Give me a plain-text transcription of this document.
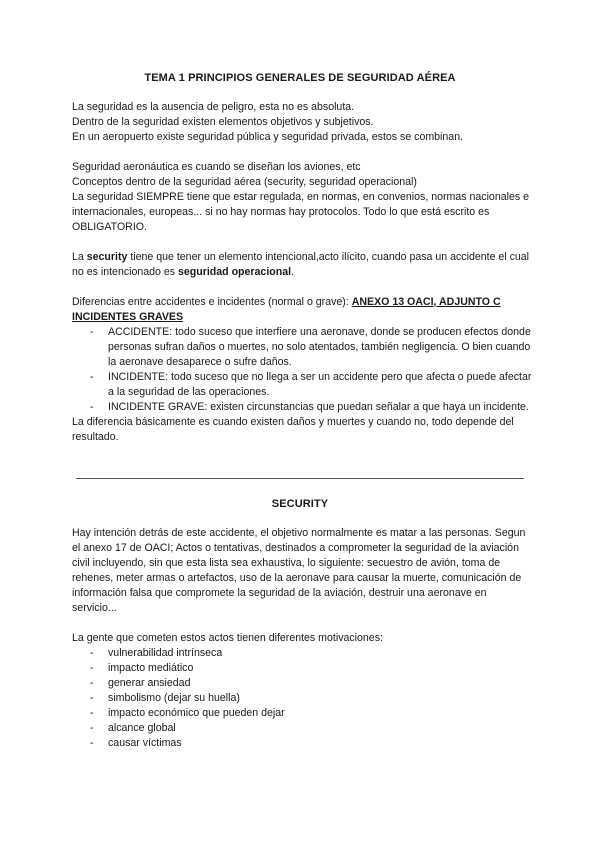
TEMA 1 PRINCIPIOS GENERALES DE SEGURIDAD AÉREA

La seguridad es la ausencia de peligro, esta no es absoluta.

Dentro de la seguridad existen elementos objetivos y subjetivos.

En un aeropuerto existe seguridad pública y seguridad privada, estos se combinan.

Seguridad aeronáutica es cuando se diseñan los aviones, etc

Conceptos dentro de la seguridad aérea (security, seguridad operacional)

La seguridad SIEMPRE tiene que estar regulada, en normas, en convenios, normas nacionales e internacionales, europeas... si no hay normas hay protocolos. Todo lo que está escrito es OBLIGATORIO.

La security tiene que tener un elemento intencional,acto ilícito, cuando pasa un accidente el cual no es intencionado es seguridad operacional.

Diferencias entre accidentes e incidentes (normal o grave): ANEXO 13 OACI, ADJUNTO C INCIDENTES GRAVES

- ACCIDENTE: todo suceso que interfiere una aeronave, donde se producen efectos donde personas sufran daños o muertes, no solo atentados, también negligencia. O bien cuando la aeronave desaparece o sufre daños.
- INCIDENTE: todo suceso que no llega a ser un accidente pero que afecta o puede afectar a la seguridad de las operaciones.
- INCIDENTE GRAVE: existen circunstancias que puedan señalar a que haya un incidente.

La diferencia básicamente es cuando existen daños y muertes y cuando no, todo depende del resultado.

SECURITY

Hay intención detrás de este accidente, el objetivo normalmente es matar a las personas. Segun el anexo 17 de OACI; Actos o tentativas, destinados a comprometer la seguridad de la aviación civil incluyendo, sin que esta lista sea exhaustiva, lo siguiente: secuestro de avión, toma de rehenes, meter armas o artefactos, uso de la aeronave para causar la muerte, comunicación de información falsa que compromete la seguridad de la aviación, destruir una aeronave en servicio...

La gente que cometen estos actos tienen diferentes motivaciones:

- vulnerabilidad intrínseca
- impacto mediático
- generar ansiedad
- simbolismo (dejar su huella)
- impacto económico que pueden dejar
- alcance global
- causar víctimas
